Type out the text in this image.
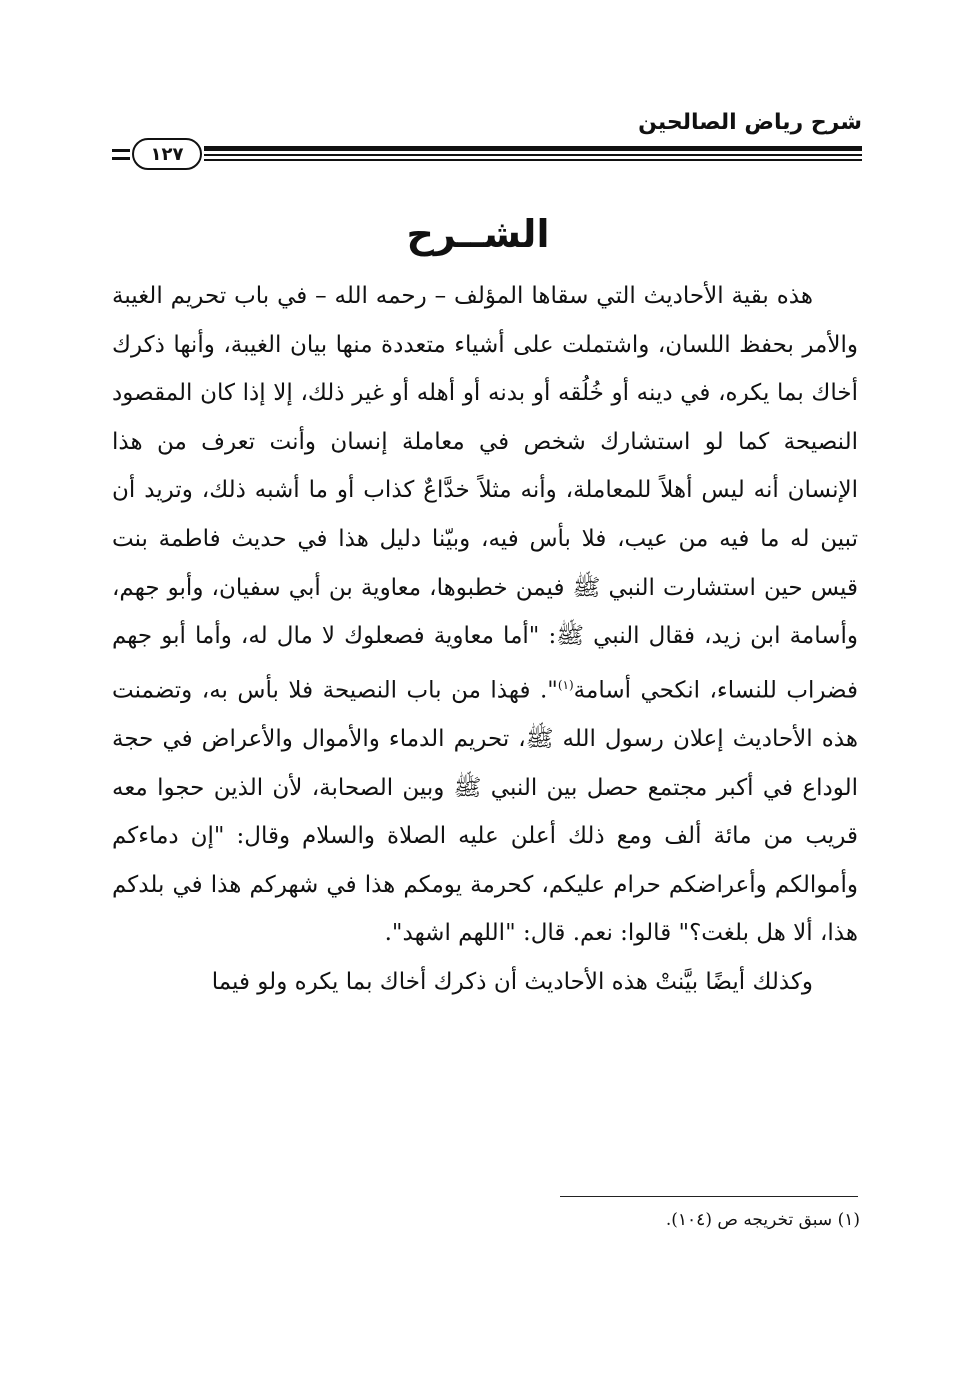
شرح رياض الصالحين
١٢٧
الشــرح

هذه بقية الأحاديث التي سقاها المؤلف – رحمه الله – في باب تحريم الغيبة والأمر بحفظ اللسان، واشتملت على أشياء متعددة منها بيان الغيبة، وأنها ذكرك أخاك بما يكره، في دينه أو خُلُقه أو بدنه أو أهله أو غير ذلك، إلا إذا كان المقصود النصيحة كما لو استشارك شخص في معاملة إنسان وأنت تعرف من هذا الإنسان أنه ليس أهلاً للمعاملة، وأنه مثلاً خدَّاعٌ كذاب أو ما أشبه ذلك، وتريد أن تبين له ما فيه من عيب، فلا بأس فيه، وبيّنا دليل هذا في حديث فاطمة بنت قيس حين استشارت النبي ﷺ فيمن خطبوها، معاوية بن أبي سفيان، وأبو جهم، وأسامة ابن زيد، فقال النبي ﷺ: "أما معاوية فصعلوك لا مال له، وأما أبو جهم فضراب للنساء، انكحي أسامة$^{(١)}$". فهذا من باب النصيحة فلا بأس به، وتضمنت هذه الأحاديث إعلان رسول الله ﷺ، تحريم الدماء والأموال والأعراض في حجة الوداع في أكبر مجتمع حصل بين النبي ﷺ وبين الصحابة، لأن الذين حجوا معه قريب من مائة ألف ومع ذلك أعلن عليه الصلاة والسلام وقال: "إن دماءكم وأموالكم وأعراضكم حرام عليكم، كحرمة يومكم هذا في شهركم هذا في بلدكم هذا، ألا هل بلغت؟" قالوا: نعم. قال: "اللهم اشهد".

وكذلك أيضًا بيَّنتْ هذه الأحاديث أن ذكرك أخاك بما يكره ولو فيما

(١) سبق تخريجه ص (١٠٤).
